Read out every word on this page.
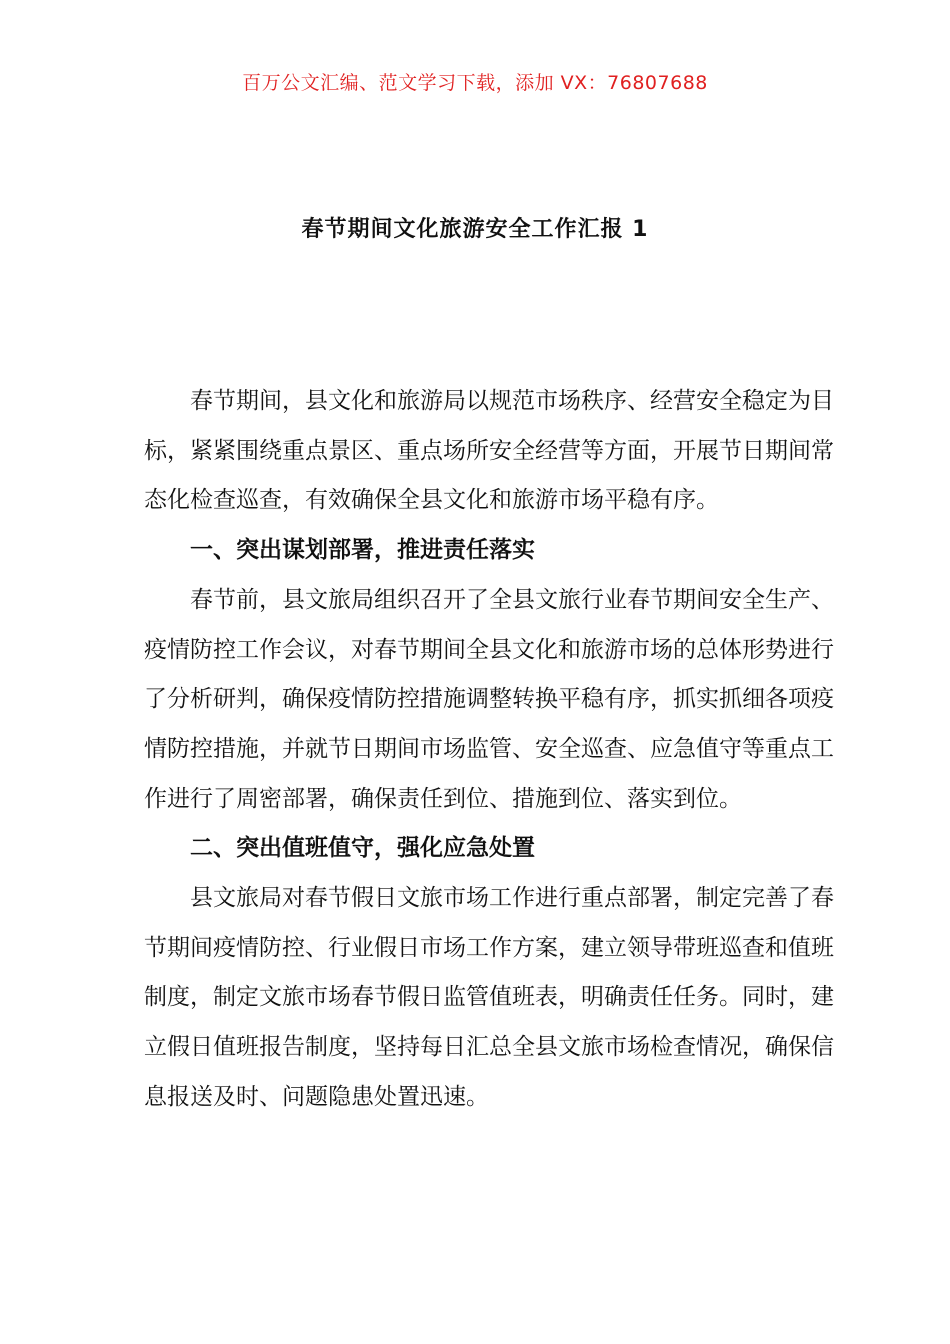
百万公文汇编、范文学习下载，添加 VX：76807688
春节期间文化旅游安全工作汇报 1

春节期间，县文化和旅游局以规范市场秩序、经营安全稳定为目标，紧紧围绕重点景区、重点场所安全经营等方面，开展节日期间常态化检查巡查，有效确保全县文化和旅游市场平稳有序。

一、突出谋划部署，推进责任落实

春节前，县文旅局组织召开了全县文旅行业春节期间安全生产、疫情防控工作会议，对春节期间全县文化和旅游市场的总体形势进行了分析研判，确保疫情防控措施调整转换平稳有序，抓实抓细各项疫情防控措施，并就节日期间市场监管、安全巡查、应急值守等重点工作进行了周密部署，确保责任到位、措施到位、落实到位。

二、突出值班值守，强化应急处置

县文旅局对春节假日文旅市场工作进行重点部署，制定完善了春节期间疫情防控、行业假日市场工作方案，建立领导带班巡查和值班制度，制定文旅市场春节假日监管值班表，明确责任任务。同时，建立假日值班报告制度，坚持每日汇总全县文旅市场检查情况，确保信息报送及时、问题隐患处置迅速。
